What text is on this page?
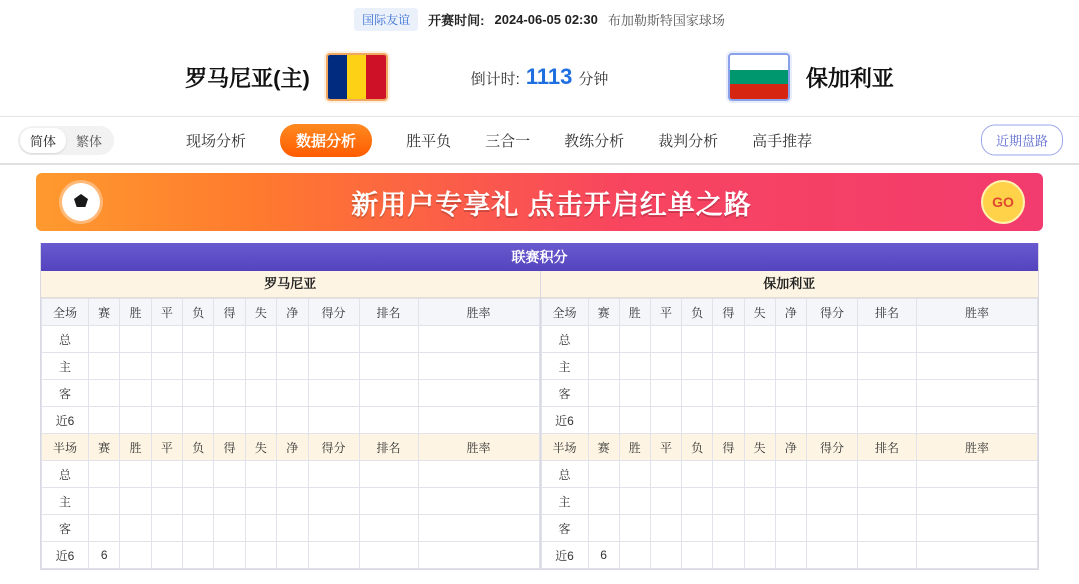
国际友谊	开赛时间: 2024-06-05 02:30 布加勒斯特国家球场
罗马尼亚(主)	倒计时: 1113 分钟	保加利亚
简体	繁体	现场分析	数据分析	胜平负 三合一 教练分析 裁判分析 高手推荐	近期盘路
新用户专享礼 点击开启红单之路	GO
联赛积分
罗马尼亚
全场	赛	胜	平	负	得	失	净	得分	排名	胜率
总										
主										
客										
近6										
半场	赛	胜	平	负	得	失	净	得分	排名	胜率
总										
主										
客										
近6	6									
保加利亚
全场	赛	胜	平	负	得	失	净	得分	排名	胜率
总										
主										
客										
近6										
半场	赛	胜	平	负	得	失	净	得分	排名	胜率
总										
主										
客										
近6	6									
